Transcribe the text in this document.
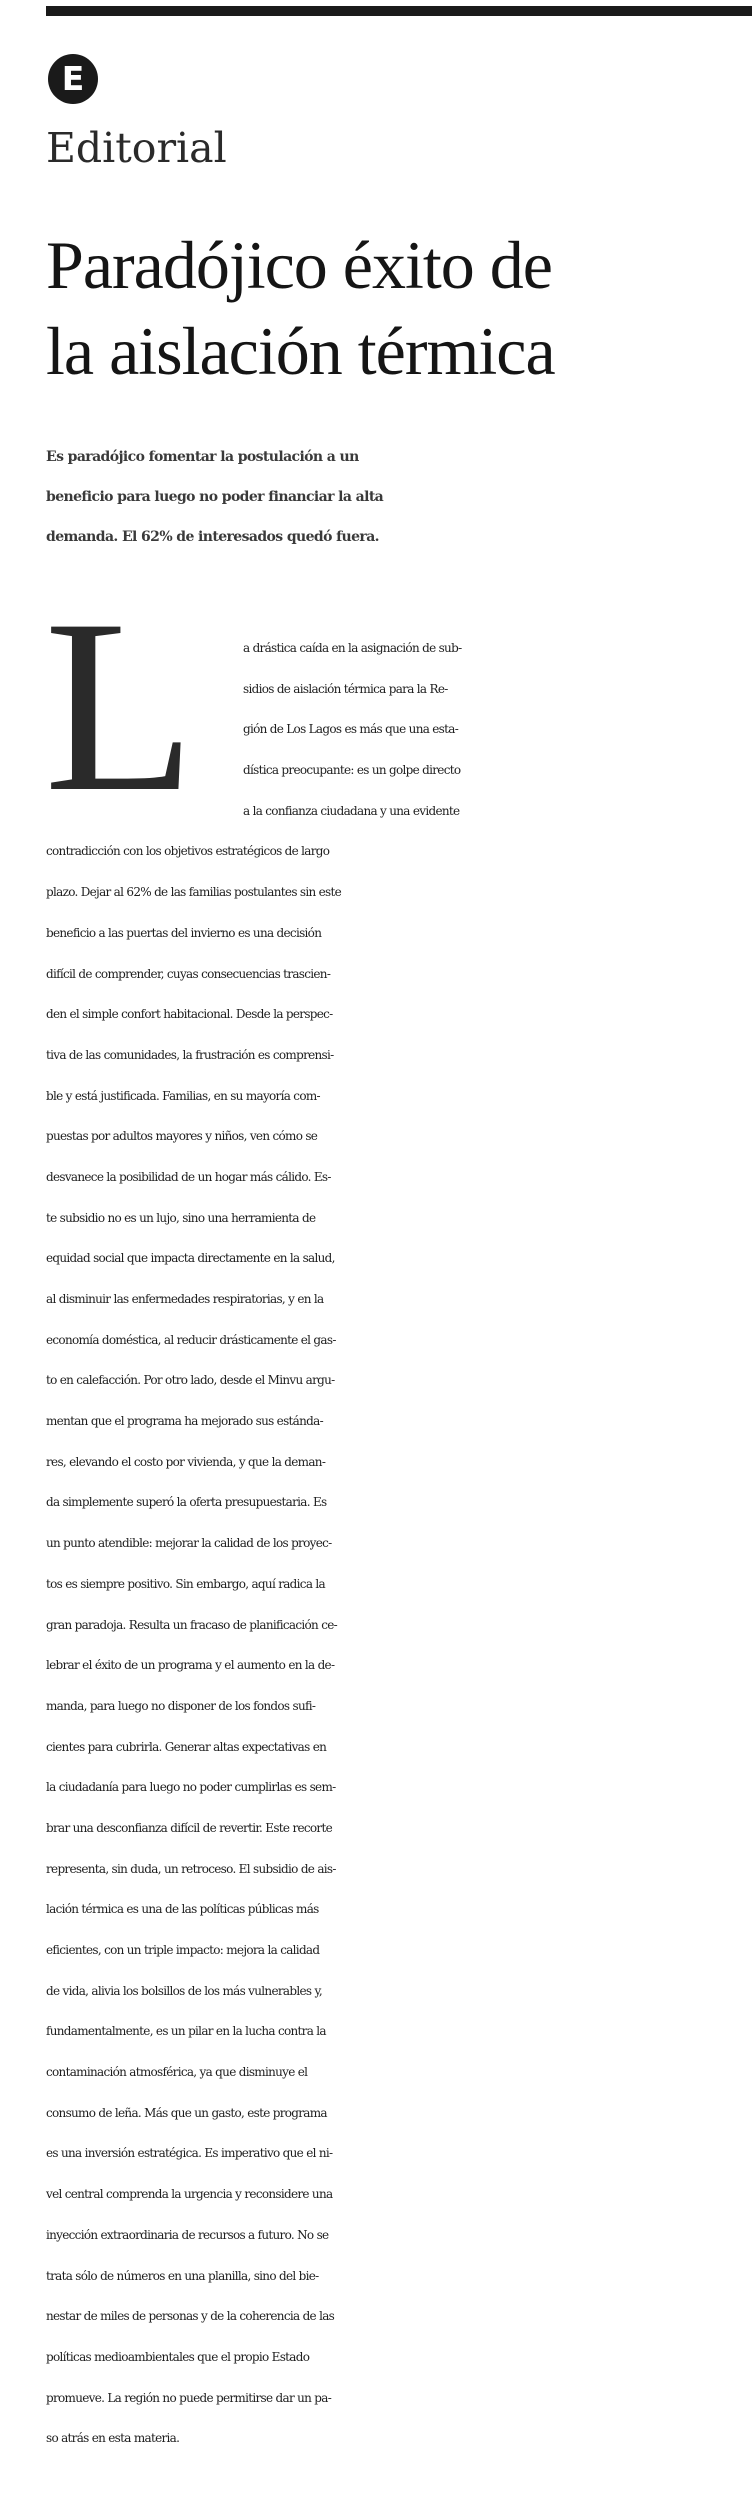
E
Editorial
Paradójico éxito de
la aislación térmica

Es paradójico fomentar la postulación a un
beneficio para luego no poder financiar la alta
demanda. El 62% de interesados quedó fuera.

L	a drástica caída en la asignación de sub-
sidios de aislación térmica para la Re-
gión de Los Lagos es más que una esta-
dística preocupante: es un golpe directo
a la confianza ciudadana y una evidente
contradicción con los objetivos estratégicos de largo
plazo. Dejar al 62% de las familias postulantes sin este
beneficio a las puertas del invierno es una decisión
difícil de comprender, cuyas consecuencias trascien-
den el simple confort habitacional. Desde la perspec-
tiva de las comunidades, la frustración es comprensi-
ble y está justificada. Familias, en su mayoría com-
puestas por adultos mayores y niños, ven cómo se
desvanece la posibilidad de un hogar más cálido. Es-
te subsidio no es un lujo, sino una herramienta de
equidad social que impacta directamente en la salud,
al disminuir las enfermedades respiratorias, y en la
economía doméstica, al reducir drásticamente el gas-
to en calefacción. Por otro lado, desde el Minvu argu-
mentan que el programa ha mejorado sus estánda-
res, elevando el costo por vivienda, y que la deman-
da simplemente superó la oferta presupuestaria. Es
un punto atendible: mejorar la calidad de los proyec-
tos es siempre positivo. Sin embargo, aquí radica la
gran paradoja. Resulta un fracaso de planificación ce-
lebrar el éxito de un programa y el aumento en la de-
manda, para luego no disponer de los fondos sufi-
cientes para cubrirla. Generar altas expectativas en
la ciudadanía para luego no poder cumplirlas es sem-
brar una desconfianza difícil de revertir. Este recorte
representa, sin duda, un retroceso. El subsidio de ais-
lación térmica es una de las políticas públicas más
eficientes, con un triple impacto: mejora la calidad
de vida, alivia los bolsillos de los más vulnerables y,
fundamentalmente, es un pilar en la lucha contra la
contaminación atmosférica, ya que disminuye el
consumo de leña. Más que un gasto, este programa
es una inversión estratégica. Es imperativo que el ni-
vel central comprenda la urgencia y reconsidere una
inyección extraordinaria de recursos a futuro. No se
trata sólo de números en una planilla, sino del bie-
nestar de miles de personas y de la coherencia de las
políticas medioambientales que el propio Estado
promueve. La región no puede permitirse dar un pa-
so atrás en esta materia.
